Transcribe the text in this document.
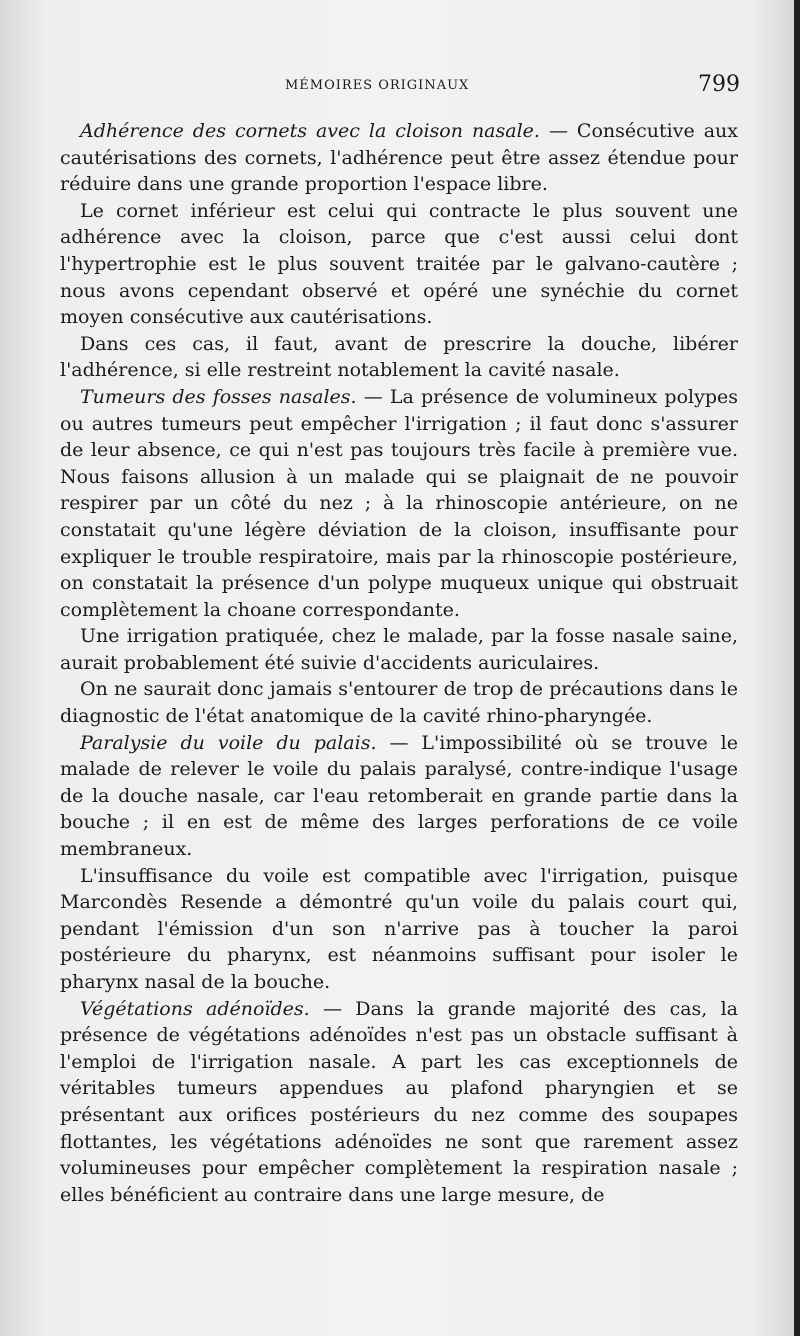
MÉMOIRES ORIGINAUX	799

Adhérence des cornets avec la cloison nasale. — Consécutive aux cautérisations des cornets, l'adhérence peut être assez étendue pour réduire dans une grande proportion l'espace libre.

Le cornet inférieur est celui qui contracte le plus souvent une adhérence avec la cloison, parce que c'est aussi celui dont l'hypertrophie est le plus souvent traitée par le galvano-cautère ; nous avons cependant observé et opéré une synéchie du cornet moyen consécutive aux cautérisations.

Dans ces cas, il faut, avant de prescrire la douche, libérer l'adhérence, si elle restreint notablement la cavité nasale.

Tumeurs des fosses nasales. — La présence de volumineux polypes ou autres tumeurs peut empêcher l'irrigation ; il faut donc s'assurer de leur absence, ce qui n'est pas toujours très facile à première vue. Nous faisons allusion à un malade qui se plaignait de ne pouvoir respirer par un côté du nez ; à la rhinoscopie antérieure, on ne constatait qu'une légère déviation de la cloison, insuffisante pour expliquer le trouble respiratoire, mais par la rhinoscopie postérieure, on constatait la présence d'un polype muqueux unique qui obstruait complètement la choane correspondante.

Une irrigation pratiquée, chez le malade, par la fosse nasale saine, aurait probablement été suivie d'accidents auriculaires.

On ne saurait donc jamais s'entourer de trop de précautions dans le diagnostic de l'état anatomique de la cavité rhino-pharyngée.

Paralysie du voile du palais. — L'impossibilité où se trouve le malade de relever le voile du palais paralysé, contre-indique l'usage de la douche nasale, car l'eau retomberait en grande partie dans la bouche ; il en est de même des larges perforations de ce voile membraneux.

L'insuffisance du voile est compatible avec l'irrigation, puisque Marcondès Resende a démontré qu'un voile du palais court qui, pendant l'émission d'un son n'arrive pas à toucher la paroi postérieure du pharynx, est néanmoins suffisant pour isoler le pharynx nasal de la bouche.

Végétations adénoïdes. — Dans la grande majorité des cas, la présence de végétations adénoïdes n'est pas un obstacle suffisant à l'emploi de l'irrigation nasale. A part les cas exceptionnels de véritables tumeurs appendues au plafond pharyngien et se présentant aux orifices postérieurs du nez comme des soupapes flottantes, les végétations adénoïdes ne sont que rarement assez volumineuses pour empêcher complètement la respiration nasale ; elles bénéficient au contraire dans une large mesure, de
